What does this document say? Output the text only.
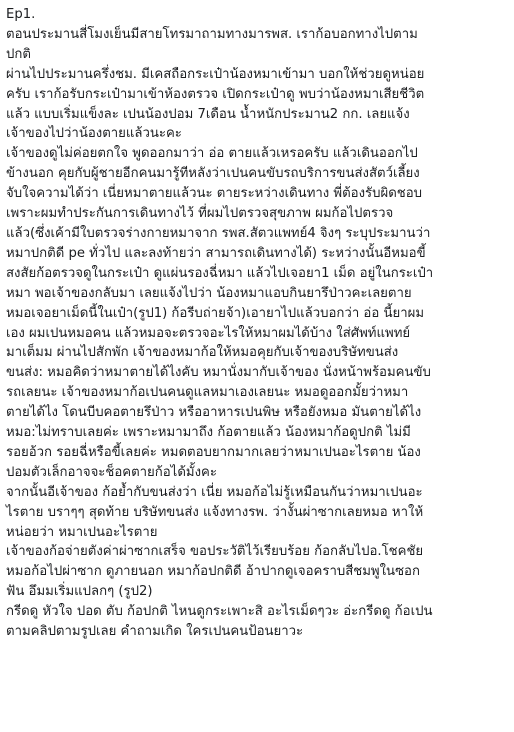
Ep1.

ตอนประมานสี่โมงเย็นมีสายโทรมาถามทางมารพส. เราก้อบอกทางไปตาม

ปกติ

ผ่านไปประมานครึ่งชม. มีเคสถือกระเป๋าน้องหมาเข้ามา บอกให้ช่วยดูหน่อย

ครับ เราก้อรับกระเป๋ามาเข้าห้องตรวจ เปิดกระเป๋าดู พบว่าน้องหมาเสียชีวิต

แล้ว แบบเริ่มแข็งละ เปนน้องปอม 7เดือน น้ำหนักประมาน2 กก. เลยแจ้ง

เจ้าของไปว่าน้องตายแล้วนะคะ

เจ้าของดูไม่ค่อยตกใจ พูดออกมาว่า อ่อ ตายแล้วเหรอครับ แล้วเดินออกไป

ข้างนอก คุยกับผู้ชายอีกคนมารู้ทีหลังว่าเปนคนขับรถบริการขนส่งสัตว์เลี้ยง

จับใจความได้ว่า เนี่ยหมาตายแล้วนะ ตายระหว่างเดินทาง พี่ต้องรับผิดชอบ

เพราะผมทำประกันการเดินทางไว้ ที่ผมไปตรวจสุขภาพ ผมก้อไปตรวจ

แล้ว(ซึ่งเค้ามีใบตรวจร่างกายหมาจาก รพส.สัตวแพทย์4 จิงๆ ระบุประมานว่า

หมาปกติดี pe ทั่วไป และลงท้ายว่า สามารถเดินทางได้) ระหว่างนั้นอีหมอขี้

สงสัยก้อตรวจดูในกระเป๋า ดูแผ่นรองฉี่หมา แล้วไปเจอยา1 เม็ด อยู่ในกระเป๋า

หมา พอเจ้าของกลับมา เลยแจ้งไปว่า น้องหมาแอบกินยารึป่าวคะเลยตาย

หมอเจอยาเม็ดนี้ในเป๋า(รูป1) ก้อรีบถ่ายจ้า)เอายาไปแล้วบอกว่า อ่อ นี้ยาผม

เอง ผมเปนหมอคน แล้วหมอจะตรวจอะไรให้หมาผมได้บ้าง ใส่ศัพท์แพทย์

มาเต็มม ผ่านไปสักพัก เจ้าของหมาก้อให้หมอคุยกับเจ้าของบริษัทขนส่ง

ขนส่ง: หมอคิดว่าหมาตายได้ไงคับ หมานั่งมากับเจ้าของ นั่งหน้าพร้อมคนขับ

รถเลยนะ เจ้าของหมาก้อเปนคนดูแลหมาเองเลยนะ หมอดูออกมั้ยว่าหมา

ตายได้ไง โดนบีบคอตายรึป่าว หรืออาหารเปนพิษ หรือยังหมอ มันตายได้ไง

หมอ:ไม่ทราบเลยค่ะ เพราะหมามาถึง ก้อตายแล้ว น้องหมาก้อดูปกติ ไม่มี

รอยอ้วก รอยฉี่หรือขี้เลยค่ะ หมดตอบยากมากเลยว่าหมาเปนอะไรตาย น้อง

ปอมตัวเล็กอาจจะช็อคตายก้อได้มั้งคะ

จากนั้นอีเจ้าของ ก้อย้ำกับขนส่งว่า เนี่ย หมอก้อไม่รู้เหมือนกันว่าหมาเปนอะ

ไรตาย บราๆๆ สุดท้าย บริษัทขนส่ง แจ้งทางรพ. ว่างั้นผ่าซากเลยหมอ หาให้

หน่อยว่า หมาเปนอะไรตาย

เจ้าของก้อจ่ายตังค่าผ่าซากเสร็จ ขอประวัติไว้เรียบร้อย ก้อกลับไปอ.โชคชัย

หมอก้อไปผ่าซาก ดูภายนอก หมาก้อปกติดี อ้าปากดูเจอคราบสีชมพูในซอก

ฟัน อึมมเริ่มแปลกๆ (รูป2)

กรีดดู หัวใจ ปอด ตับ ก้อปกติ ไหนดูกระเพาะสิ อะไรเม็ดๆวะ อ่ะกรีดดู ก้อเปน

ตามคลิปตามรูปเลย คำถามเกิด ใครเปนคนป้อนยาวะ
